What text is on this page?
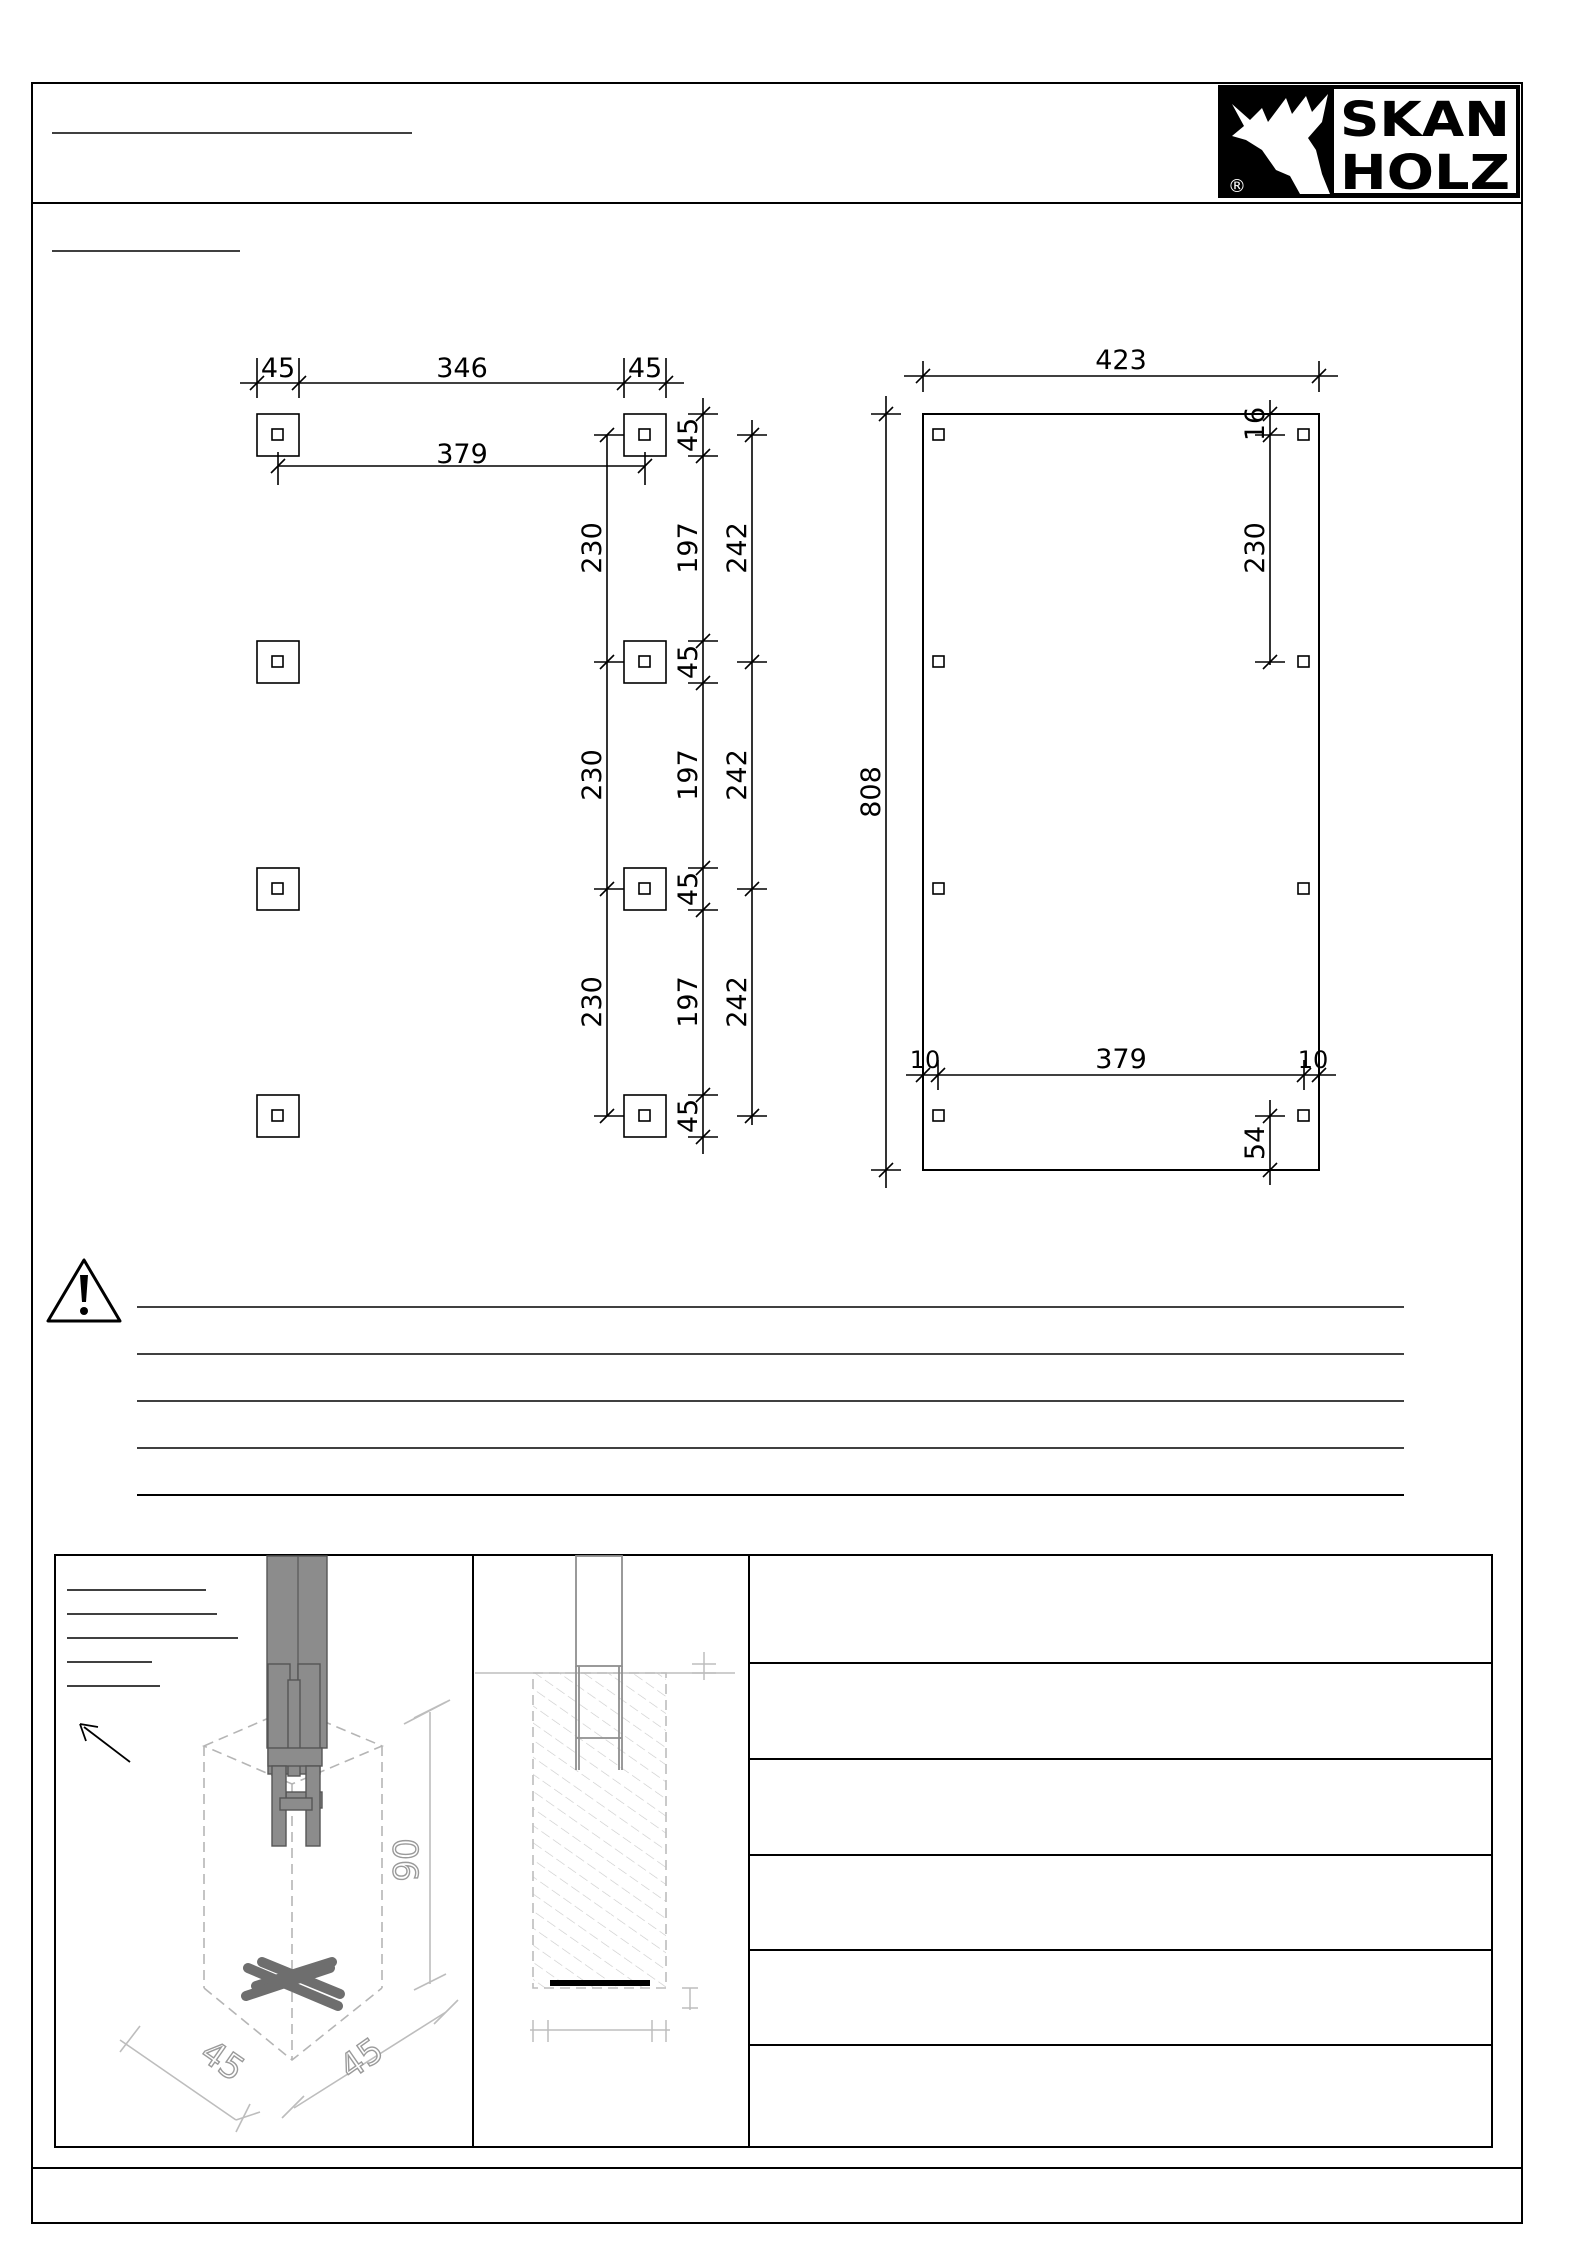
®
SKAN
HOLZ
45	346	45
379
230
230
230
45
197
45
197
45
197
45
242
242
242
423
808
16
230
10	379	10
54
90
45 45
